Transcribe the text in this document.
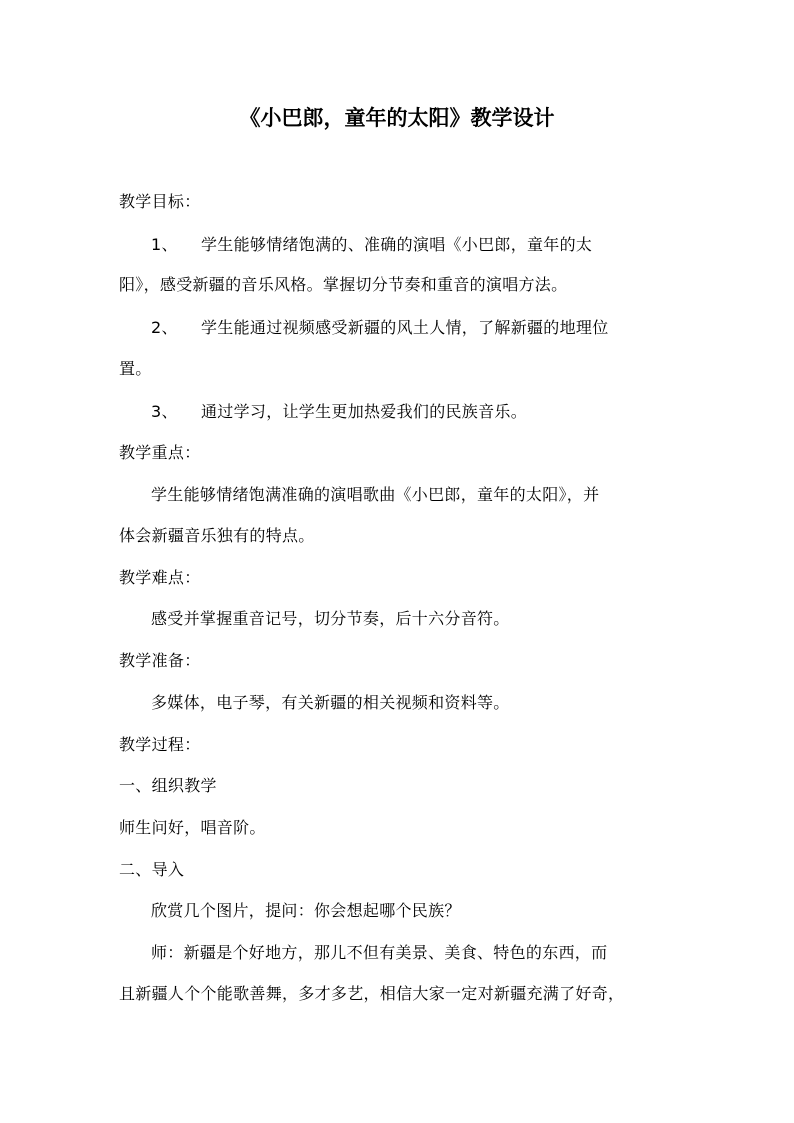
《小巴郎，童年的太阳》教学设计
教学目标：
1、 学生能够情绪饱满的、准确的演唱《小巴郎，童年的太
阳》，感受新疆的音乐风格。掌握切分节奏和重音的演唱方法。
2、 学生能通过视频感受新疆的风土人情，了解新疆的地理位
置。
3、 通过学习，让学生更加热爱我们的民族音乐。
教学重点：
学生能够情绪饱满准确的演唱歌曲《小巴郎，童年的太阳》，并
体会新疆音乐独有的特点。
教学难点：
感受并掌握重音记号，切分节奏，后十六分音符。
教学准备：
多媒体，电子琴，有关新疆的相关视频和资料等。
教学过程：
一、组织教学
师生问好，唱音阶。
二、导入
欣赏几个图片，提问：你会想起哪个民族？
师：新疆是个好地方，那儿不但有美景、美食、特色的东西，而
且新疆人个个能歌善舞，多才多艺，相信大家一定对新疆充满了好奇，
